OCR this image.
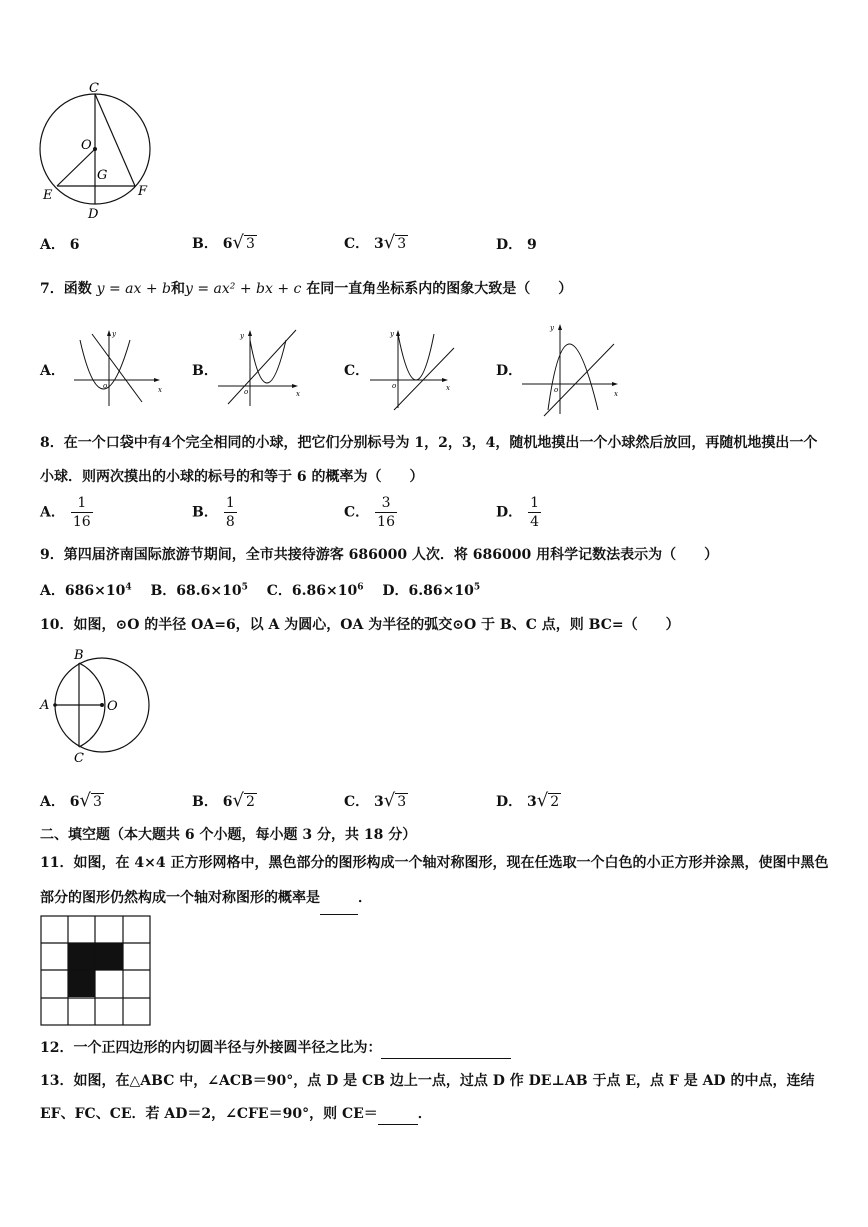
C
O
G
E	F
D
A． 6	B． 6√ 3	C． 3√ 3	D． 9
7．函数 y = ax + b和y = ax² + bx + c 在同一直角坐标系内的图象大致是（　　）
A．
y
x
o
B．
y
x
o
C．
y
x
o
D．
y
x
o
8．在一个口袋中有4个完全相同的小球，把它们分别标号为 1，2，3，4，随机地摸出一个小球然后放回，再随机地摸出一个小球．则两次摸出的小球的标号的和等于 6 的概率为（　　）
A． $\frac{1}{16}$	B． $\frac{1}{8}$	C． $\frac{3}{16}$	D． $\frac{1}{4}$
9．第四届济南国际旅游节期间，全市共接待游客 686000 人次．将 686000 用科学记数法表示为（　　）
A．$686\times 10^4$ B．$68.6\times 10^5$ C．$6.86\times 10^6$ D．$6.86\times 10^5$
10．如图，⊙O 的半径 OA=6，以 A 为圆心，OA 为半径的弧交⊙O 于 B、C 点，则 BC=（　　）
B
A	O
C
A． 6√ 3	B． 6√ 2	C． 3√ 3	D． 3√ 2
二、填空题（本大题共 6 个小题，每小题 3 分，共 18 分）
11．如图，在 4×4 正方形网格中，黑色部分的图形构成一个轴对称图形，现在任选取一个白色的小正方形并涂黑，使图中黑色部分的图形仍然构成一个轴对称图形的概率是	．
12．一个正四边形的内切圆半径与外接圆半径之比为：
13．如图，在△ABC 中，∠ACB＝90°，点 D 是 CB 边上一点，过点 D 作 DE⊥AB 于点 E，点 F 是 AD 的中点，连结
EF、FC、CE．若 AD＝2，∠CFE＝90°，则 CE＝	．
